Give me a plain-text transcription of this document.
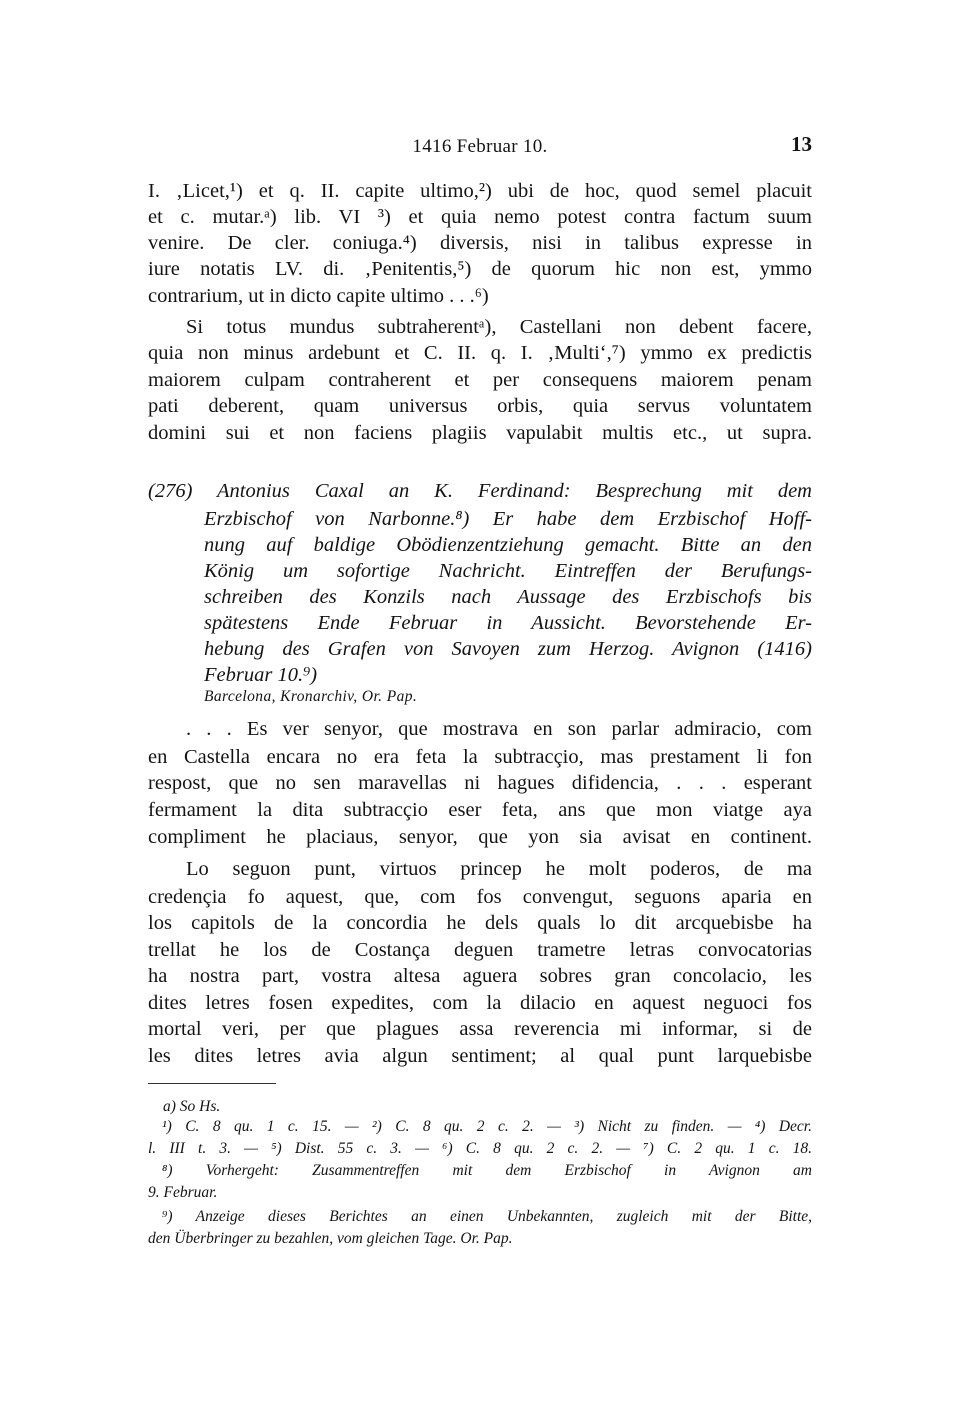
1416 Februar 10.	13
I. ‚Licet,¹) et q. II. capite ultimo,²) ubi de hoc, quod semel placuit
et c. mutar.ᵃ) lib. VI ³) et quia nemo potest contra factum suum
venire. De cler. coniuga.⁴) diversis, nisi in talibus expresse in
iure notatis LV. di. ‚Penitentis,⁵) de quorum hic non est, ymmo
contrarium, ut in dicto capite ultimo . . .⁶)
Si totus mundus subtraherentᵃ), Castellani non debent facere,
quia non minus ardebunt et C. II. q. I. ‚Multi‘,⁷) ymmo ex predictis
maiorem culpam contraherent et per consequens maiorem penam
pati deberent, quam universus orbis, quia servus voluntatem
domini sui et non faciens plagiis vapulabit multis etc., ut supra.
(276) Antonius Caxal an K. Ferdinand: Besprechung mit dem
Erzbischof von Narbonne.⁸) Er habe dem Erzbischof Hoff-
nung auf baldige Obödienzentziehung gemacht. Bitte an den
König um sofortige Nachricht. Eintreffen der Berufungs-
schreiben des Konzils nach Aussage des Erzbischofs bis
spätestens Ende Februar in Aussicht. Bevorstehende Er-
hebung des Grafen von Savoyen zum Herzog. Avignon (1416)
Februar 10.⁹)
Barcelona, Kronarchiv, Or. Pap.
. . . Es ver senyor, que mostrava en son parlar admiracio, com
en Castella encara no era feta la subtracçio, mas prestament li fon
respost, que no sen maravellas ni hagues difidencia, . . . esperant
fermament la dita subtracçio eser feta, ans que mon viatge aya
compliment he placiaus, senyor, que yon sia avisat en continent.
Lo seguon punt, virtuos princep he molt poderos, de ma
credençia fo aquest, que, com fos convengut, seguons aparia en
los capitols de la concordia he dels quals lo dit arcquebisbe ha
trellat he los de Costança deguen trametre letras convocatorias
ha nostra part, vostra altesa aguera sobres gran concolacio, les
dites letres fosen expedites, com la dilacio en aquest neguoci fos
mortal veri, per que plagues assa reverencia mi informar, si de
les dites letres avia algun sentiment; al qual punt larquebisbe
a) So Hs.
¹) C. 8 qu. 1 c. 15. — ²) C. 8 qu. 2 c. 2. — ³) Nicht zu finden. — ⁴) Decr.
l. III t. 3. — ⁵) Dist. 55 c. 3. — ⁶) C. 8 qu. 2 c. 2. — ⁷) C. 2 qu. 1 c. 18.
⁸) Vorhergeht: Zusammentreffen mit dem Erzbischof in Avignon am
9. Februar.
⁹) Anzeige dieses Berichtes an einen Unbekannten, zugleich mit der Bitte,
den Überbringer zu bezahlen, vom gleichen Tage. Or. Pap.
